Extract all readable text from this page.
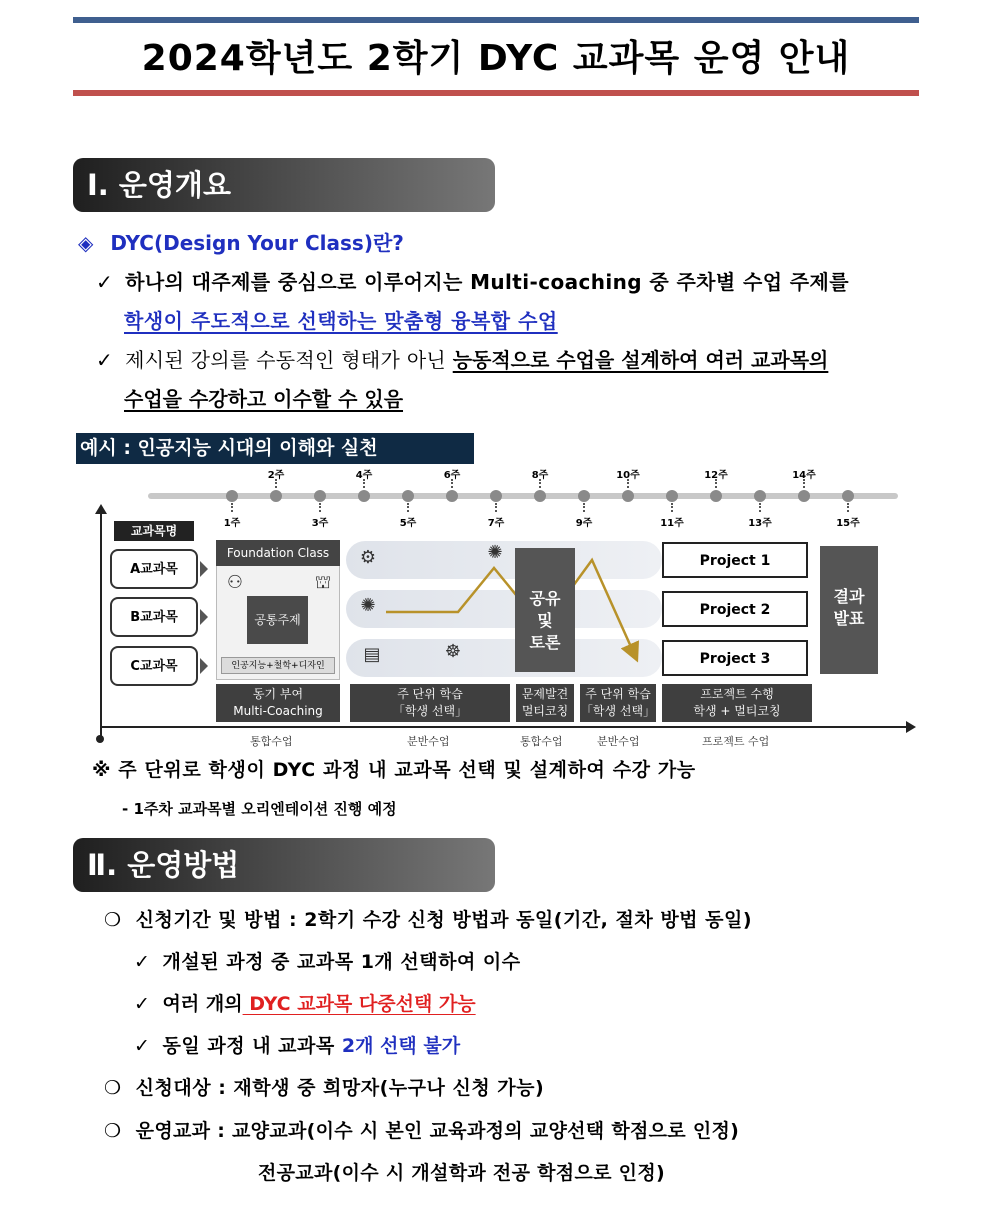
2024학년도 2학기 DYC 교과목 운영 안내
Ⅰ. 운영개요
◈ DYC(Design Your Class)란?
✓ 하나의 대주제를 중심으로 이루어지는 Multi-coaching 중 주차별 수업 주제를
학생이 주도적으로 선택하는 맞춤형 융복합 수업
✓ 제시된 강의를 수동적인 형태가 아닌 능동적으로 수업을 설계하여 여러 교과목의
수업을 수강하고 이수할 수 있음
예시 : 인공지능 시대의 이해와 실천
1주
2주
3주
4주
5주
6주
7주
8주
9주
10주
11주
12주
13주
14주
15주
교과목명
A교과목
B교과목
C교과목
Foundation Class
⚇	⛫
공통주제
인공지능+철학+디자인
⚙
✺
▤
✺
☸
공유
및
토론
Project 1
Project 2
Project 3
결과
발표
동기 부여
Multi-Coaching
주 단위 학습
「학생 선택」
문제발견
멀티코칭
주 단위 학습
「학생 선택」
프로젝트 수행
학생 + 멀티코칭
통합수업	분반수업	통합수업	분반수업	프로젝트 수업
※ 주 단위로 학생이 DYC 과정 내 교과목 선택 및 설계하여 수강 가능
- 1주차 교과목별 오리엔테이션 진행 예정
Ⅱ. 운영방법
❍ 신청기간 및 방법 : 2학기 수강 신청 방법과 동일(기간, 절차 방법 동일)
✓ 개설된 과정 중 교과목 1개 선택하여 이수
✓ 여러 개의 DYC 교과목 다중선택 가능
✓ 동일 과정 내 교과목 2개 선택 불가
❍ 신청대상 : 재학생 중 희망자(누구나 신청 가능)
❍ 운영교과 : 교양교과(이수 시 본인 교육과정의 교양선택 학점으로 인정)
전공교과(이수 시 개설학과 전공 학점으로 인정)
